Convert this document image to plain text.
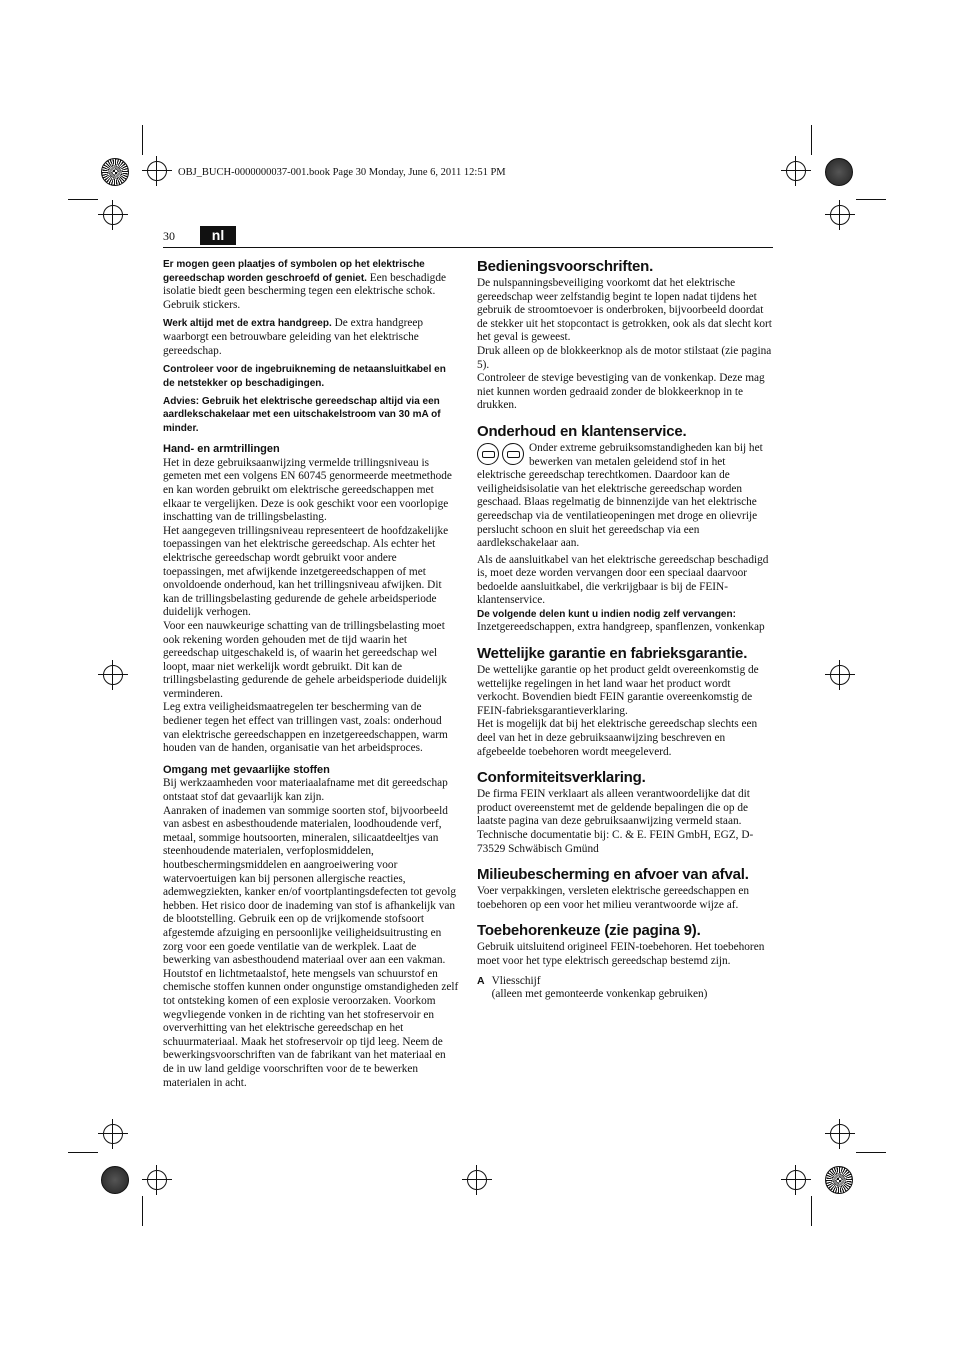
OBJ_BUCH-0000000037-001.book Page 30 Monday, June 6, 2011 12:51 PM
30	nl

Er mogen geen plaatjes of symbolen op het elektrische gereedschap worden geschroefd of geniet. Een beschadigde isolatie biedt geen bescherming tegen een elektrische schok. Gebruik stickers.

Werk altijd met de extra handgreep. De extra handgreep waarborgt een betrouwbare geleiding van het elektrische gereedschap.

Controleer voor de ingebruikneming de netaansluitkabel en de netstekker op beschadigingen.

Advies: Gebruik het elektrische gereedschap altijd via een aardlekschakelaar met een uitschakelstroom van 30 mA of minder.

Hand- en armtrillingen

Het in deze gebruiksaanwijzing vermelde trillingsniveau is gemeten met een volgens EN 60745 genormeerde meetmethode en kan worden gebruikt om elektrische gereedschappen met elkaar te vergelijken. Deze is ook geschikt voor een voorlopige inschatting van de trillingsbelasting.

Het aangegeven trillingsniveau representeert de hoofdzakelijke toepassingen van het elektrische gereedschap. Als echter het elektrische gereedschap wordt gebruikt voor andere toepassingen, met afwijkende inzetgereedschappen of met onvoldoende onderhoud, kan het trillingsniveau afwijken. Dit kan de trillingsbelasting gedurende de gehele arbeidsperiode duidelijk verhogen.

Voor een nauwkeurige schatting van de trillingsbelasting moet ook rekening worden gehouden met de tijd waarin het gereedschap uitgeschakeld is, of waarin het gereedschap wel loopt, maar niet werkelijk wordt gebruikt. Dit kan de trillingsbelasting gedurende de gehele arbeidsperiode duidelijk verminderen.

Leg extra veiligheidsmaatregelen ter bescherming van de bediener tegen het effect van trillingen vast, zoals: onderhoud van elektrische gereedschappen en inzetgereedschappen, warm houden van de handen, organisatie van het arbeidsproces.

Omgang met gevaarlijke stoffen

Bij werkzaamheden voor materiaalafname met dit gereedschap ontstaat stof dat gevaarlijk kan zijn.

Aanraken of inademen van sommige soorten stof, bijvoorbeeld van asbest en asbesthoudende materialen, loodhoudende verf, metaal, sommige houtsoorten, mineralen, silicaatdeeltjes van steenhoudende materialen, verfoplosmiddelen, houtbeschermingsmiddelen en aangroeiwering voor watervoertuigen kan bij personen allergische reacties, ademwegziekten, kanker en/of voortplantingsdefecten tot gevolg hebben. Het risico door de inademing van stof is afhankelijk van de blootstelling. Gebruik een op de vrijkomende stofsoort afgestemde afzuiging en persoonlijke veiligheidsuitrusting en zorg voor een goede ventilatie van de werkplek. Laat de bewerking van asbesthoudend materiaal over aan een vakman.

Houtstof en lichtmetaalstof, hete mengsels van schuurstof en chemische stoffen kunnen onder ongunstige omstandigheden zelf tot ontsteking komen of een explosie veroorzaken. Voorkom wegvliegende vonken in de richting van het stofreservoir en oververhitting van het elektrische gereedschap en het schuurmateriaal. Maak het stofreservoir op tijd leeg. Neem de bewerkingsvoorschriften van de fabrikant van het materiaal en de in uw land geldige voorschriften voor de te bewerken materialen in acht.

Bedieningsvoorschriften.

De nulspanningsbeveiliging voorkomt dat het elektrische gereedschap weer zelfstandig begint te lopen nadat tijdens het gebruik de stroomtoevoer is onderbroken, bijvoorbeeld doordat de stekker uit het stopcontact is getrokken, ook als dat slecht kort het geval is geweest.

Druk alleen op de blokkeerknop als de motor stilstaat (zie pagina 5).

Controleer de stevige bevestiging van de vonkenkap. Deze mag niet kunnen worden gedraaid zonder de blokkeerknop in te drukken.

Onderhoud en klantenservice.

Onder extreme gebruiksomstandigheden kan bij het bewerken van metalen geleidend stof in het elektrische gereedschap terechtkomen. Daardoor kan de veiligheidsisolatie van het elektrische gereedschap worden geschaad. Blaas regelmatig de binnenzijde van het elektrische gereedschap via de ventilatieopeningen met droge en olievrije perslucht schoon en sluit het gereedschap via een aardlekschakelaar aan.

Als de aansluitkabel van het elektrische gereedschap beschadigd is, moet deze worden vervangen door een speciaal daarvoor bedoelde aansluitkabel, die verkrijgbaar is bij de FEIN-klantenservice.

De volgende delen kunt u indien nodig zelf vervangen:

Inzetgereedschappen, extra handgreep, spanflenzen, vonkenkap

Wettelijke garantie en fabrieksgarantie.

De wettelijke garantie op het product geldt overeenkomstig de wettelijke regelingen in het land waar het product wordt verkocht. Bovendien biedt FEIN garantie overeenkomstig de FEIN-fabrieksgarantieverklaring.

Het is mogelijk dat bij het elektrische gereedschap slechts een deel van het in deze gebruiksaanwijzing beschreven en afgebeelde toebehoren wordt meegeleverd.

Conformiteitsverklaring.

De firma FEIN verklaart als alleen verantwoordelijke dat dit product overeenstemt met de geldende bepalingen die op de laatste pagina van deze gebruiksaanwijzing vermeld staan.

Technische documentatie bij: C. & E. FEIN GmbH, EGZ, D-73529 Schwäbisch Gmünd

Milieubescherming en afvoer van afval.

Voer verpakkingen, versleten elektrische gereedschappen en toebehoren op een voor het milieu verantwoorde wijze af.

Toebehorenkeuze (zie pagina 9).

Gebruik uitsluitend origineel FEIN-toebehoren. Het toebehoren moet voor het type elektrisch gereedschap bestemd zijn.

A Vliesschijf
(alleen met gemonteerde vonkenkap gebruiken)
